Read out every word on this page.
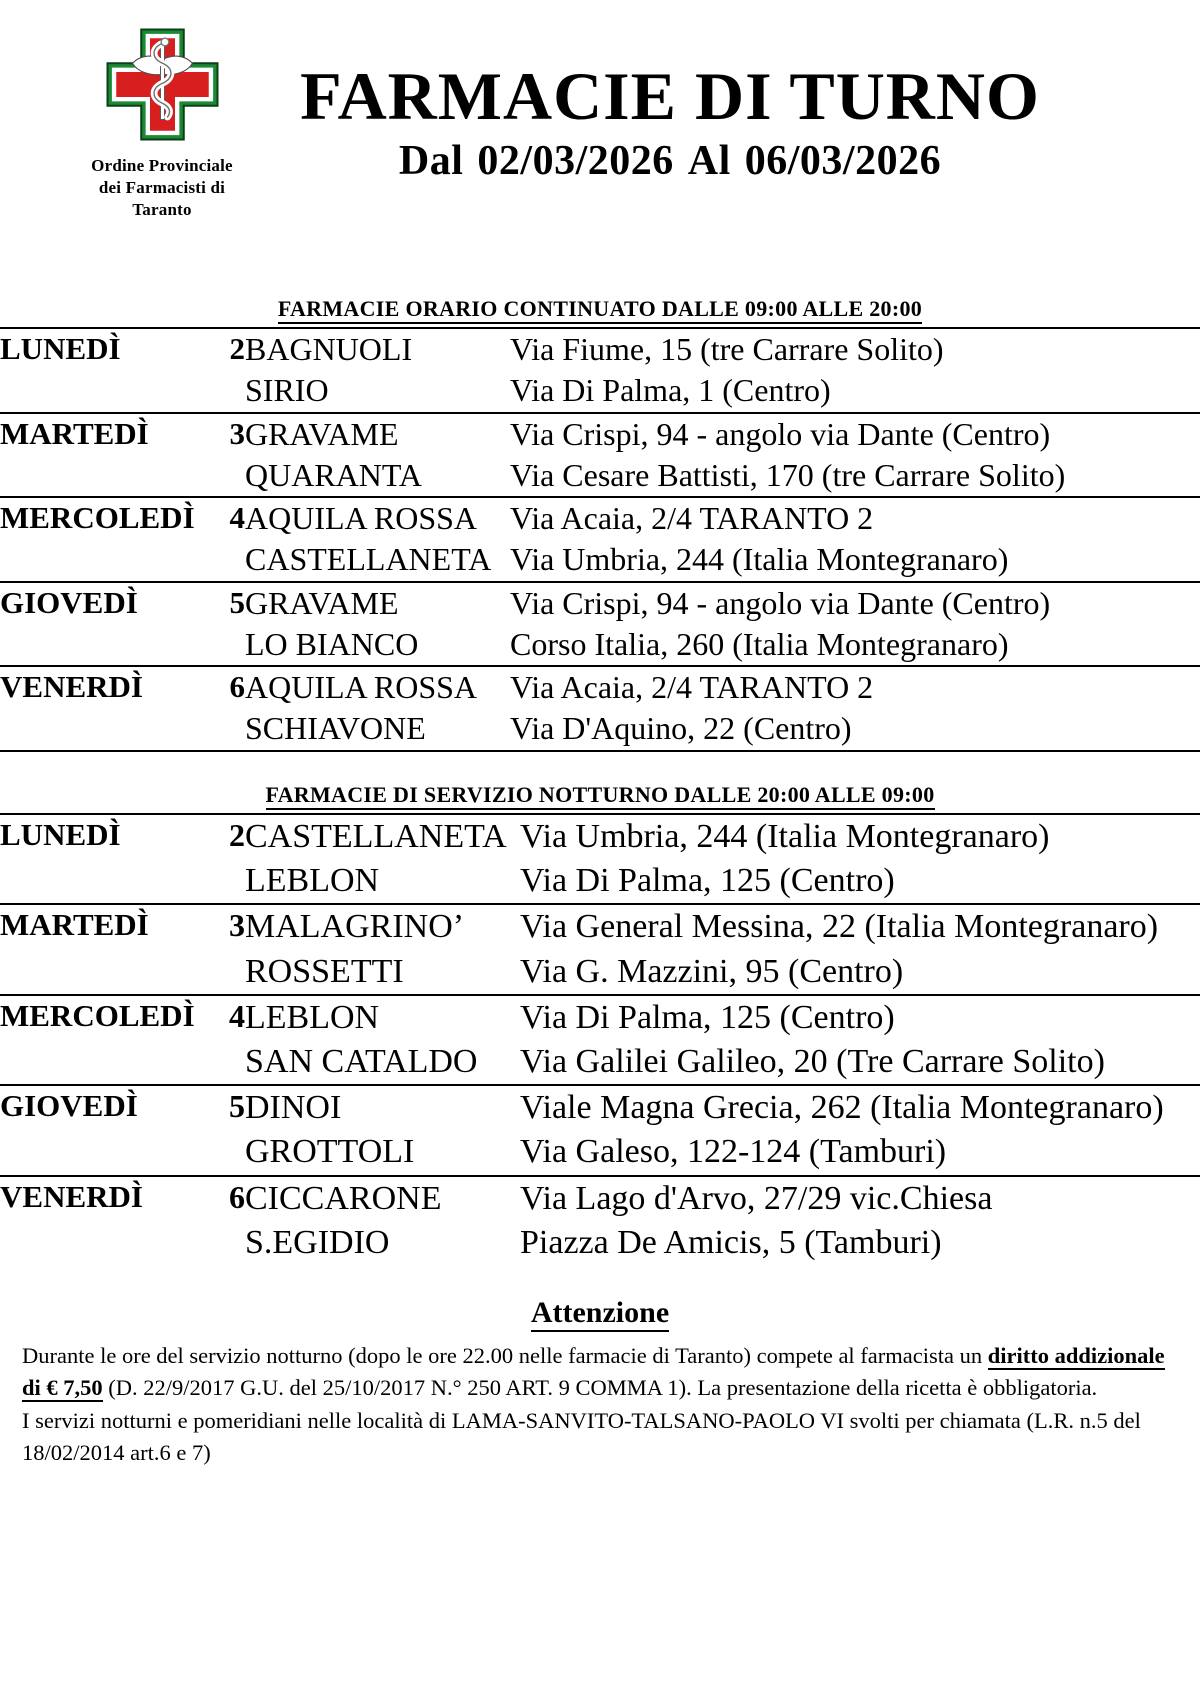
Ordine Provinciale
dei Farmacisti di
Taranto
FARMACIE DI TURNO
Dal 02/03/2026 Al 06/03/2026
FARMACIE ORARIO CONTINUATO DALLE 09:00 ALLE 20:00
LUNEDÌ	2	BAGNUOLI	Via Fiume, 15 (tre Carrare Solito)
		SIRIO	Via Di Palma, 1 (Centro)
MARTEDÌ	3	GRAVAME	Via Crispi, 94 - angolo via Dante (Centro)
		QUARANTA	Via Cesare Battisti, 170 (tre Carrare Solito)
MERCOLEDÌ	4	AQUILA ROSSA	Via Acaia, 2/4 TARANTO 2
		CASTELLANETA	Via Umbria, 244 (Italia Montegranaro)
GIOVEDÌ	5	GRAVAME	Via Crispi, 94 - angolo via Dante (Centro)
		LO BIANCO	Corso Italia, 260 (Italia Montegranaro)
VENERDÌ	6	AQUILA ROSSA	Via Acaia, 2/4 TARANTO 2
		SCHIAVONE	Via D'Aquino, 22 (Centro)

FARMACIE DI SERVIZIO NOTTURNO DALLE 20:00 ALLE 09:00
LUNEDÌ	2	CASTELLANETA	Via Umbria, 244 (Italia Montegranaro)
		LEBLON	Via Di Palma, 125 (Centro)
MARTEDÌ	3	MALAGRINO’	Via General Messina, 22 (Italia Montegranaro)
		ROSSETTI	Via G. Mazzini, 95 (Centro)
MERCOLEDÌ	4	LEBLON	Via Di Palma, 125 (Centro)
		SAN CATALDO	Via Galilei Galileo, 20 (Tre Carrare Solito)
GIOVEDÌ	5	DINOI	Viale Magna Grecia, 262 (Italia Montegranaro)
		GROTTOLI	Via Galeso, 122-124 (Tamburi)
VENERDÌ	6	CICCARONE	Via Lago d'Arvo, 27/29 vic.Chiesa
		S.EGIDIO	Piazza De Amicis, 5 (Tamburi)
Attenzione

Durante le ore del servizio notturno (dopo le ore 22.00 nelle farmacie di Taranto) compete al farmacista un diritto addizionale di € 7,50 (D. 22/9/2017 G.U. del 25/10/2017 N.° 250 ART. 9 COMMA 1). La presentazione della ricetta è obbligatoria.

I servizi notturni e pomeridiani nelle località di LAMA-SANVITO-TALSANO-PAOLO VI svolti per chiamata (L.R. n.5 del 18/02/2014 art.6 e 7)
